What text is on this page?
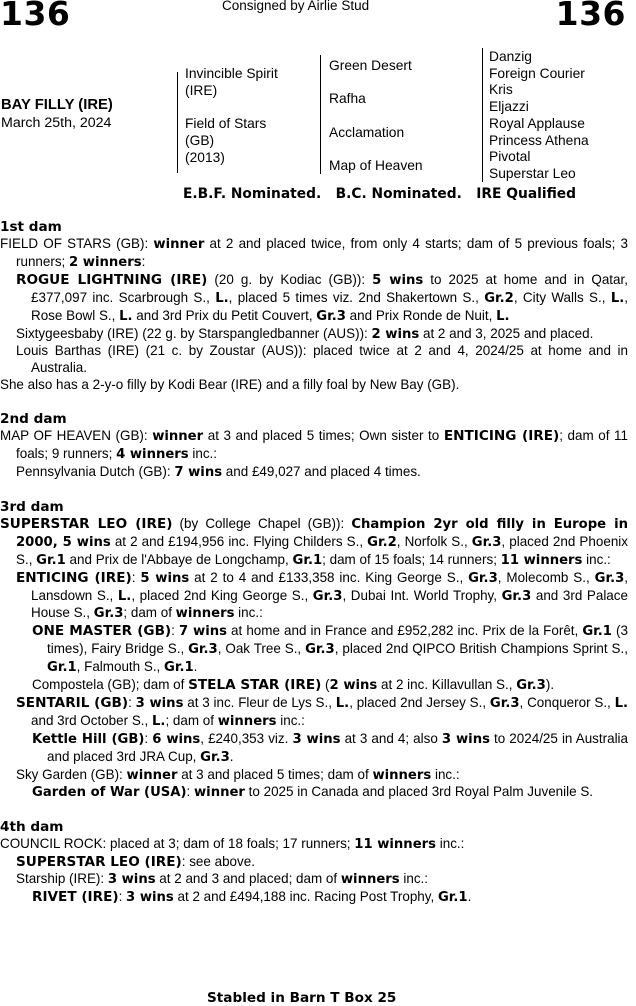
136	Consigned by Airlie Stud	136
BAY FILLY (IRE)
March 25th, 2024
Invincible Spirit
(IRE)
Field of Stars
(GB)
(2013)
Green Desert
Rafha
Acclamation
Map of Heaven
Danzig
Foreign Courier
Kris
Eljazzi
Royal Applause
Princess Athena
Pivotal
Superstar Leo
E.B.F. Nominated.   B.C. Nominated.   IRE Qualified
1st dam
FIELD OF STARS (GB): winner at 2 and placed twice, from only 4 starts; dam of 5 previous foals; 3 runners; 2 winners:
ROGUE LIGHTNING (IRE) (20 g. by Kodiac (GB)): 5 wins to 2025 at home and in Qatar, £377,097 inc. Scarbrough S., L., placed 5 times viz. 2nd Shakertown S., Gr.2, City Walls S., L., Rose Bowl S., L. and 3rd Prix du Petit Couvert, Gr.3 and Prix Ronde de Nuit, L.
Sixtygeesbaby (IRE) (22 g. by Starspangledbanner (AUS)): 2 wins at 2 and 3, 2025 and placed.
Louis Barthas (IRE) (21 c. by Zoustar (AUS)): placed twice at 2 and 4, 2024/25 at home and in Australia.
She also has a 2-y-o filly by Kodi Bear (IRE) and a filly foal by New Bay (GB).
2nd dam
MAP OF HEAVEN (GB): winner at 3 and placed 5 times; Own sister to ENTICING (IRE); dam of 11 foals; 9 runners; 4 winners inc.:
Pennsylvania Dutch (GB): 7 wins and £49,027 and placed 4 times.
3rd dam
SUPERSTAR LEO (IRE) (by College Chapel (GB)): Champion 2yr old filly in Europe in 2000, 5 wins at 2 and £194,956 inc. Flying Childers S., Gr.2, Norfolk S., Gr.3, placed 2nd Phoenix S., Gr.1 and Prix de l'Abbaye de Longchamp, Gr.1; dam of 15 foals; 14 runners; 11 winners inc.:
ENTICING (IRE): 5 wins at 2 to 4 and £133,358 inc. King George S., Gr.3, Molecomb S., Gr.3, Lansdown S., L., placed 2nd King George S., Gr.3, Dubai Int. World Trophy, Gr.3 and 3rd Palace House S., Gr.3; dam of winners inc.:
ONE MASTER (GB): 7 wins at home and in France and £952,282 inc. Prix de la Forêt, Gr.1 (3 times), Fairy Bridge S., Gr.3, Oak Tree S., Gr.3, placed 2nd QIPCO British Champions Sprint S., Gr.1, Falmouth S., Gr.1.
Compostela (GB); dam of STELA STAR (IRE) (2 wins at 2 inc. Killavullan S., Gr.3).
SENTARIL (GB): 3 wins at 3 inc. Fleur de Lys S., L., placed 2nd Jersey S., Gr.3, Conqueror S., L. and 3rd October S., L.; dam of winners inc.:
Kettle Hill (GB): 6 wins, £240,353 viz. 3 wins at 3 and 4; also 3 wins to 2024/25 in Australia and placed 3rd JRA Cup, Gr.3.
Sky Garden (GB): winner at 3 and placed 5 times; dam of winners inc.:
Garden of War (USA): winner to 2025 in Canada and placed 3rd Royal Palm Juvenile S.
4th dam
COUNCIL ROCK: placed at 3; dam of 18 foals; 17 runners; 11 winners inc.:
SUPERSTAR LEO (IRE): see above.
Starship (IRE): 3 wins at 2 and 3 and placed; dam of winners inc.:
RIVET (IRE): 3 wins at 2 and £494,188 inc. Racing Post Trophy, Gr.1.
Stabled in Barn T Box 25
